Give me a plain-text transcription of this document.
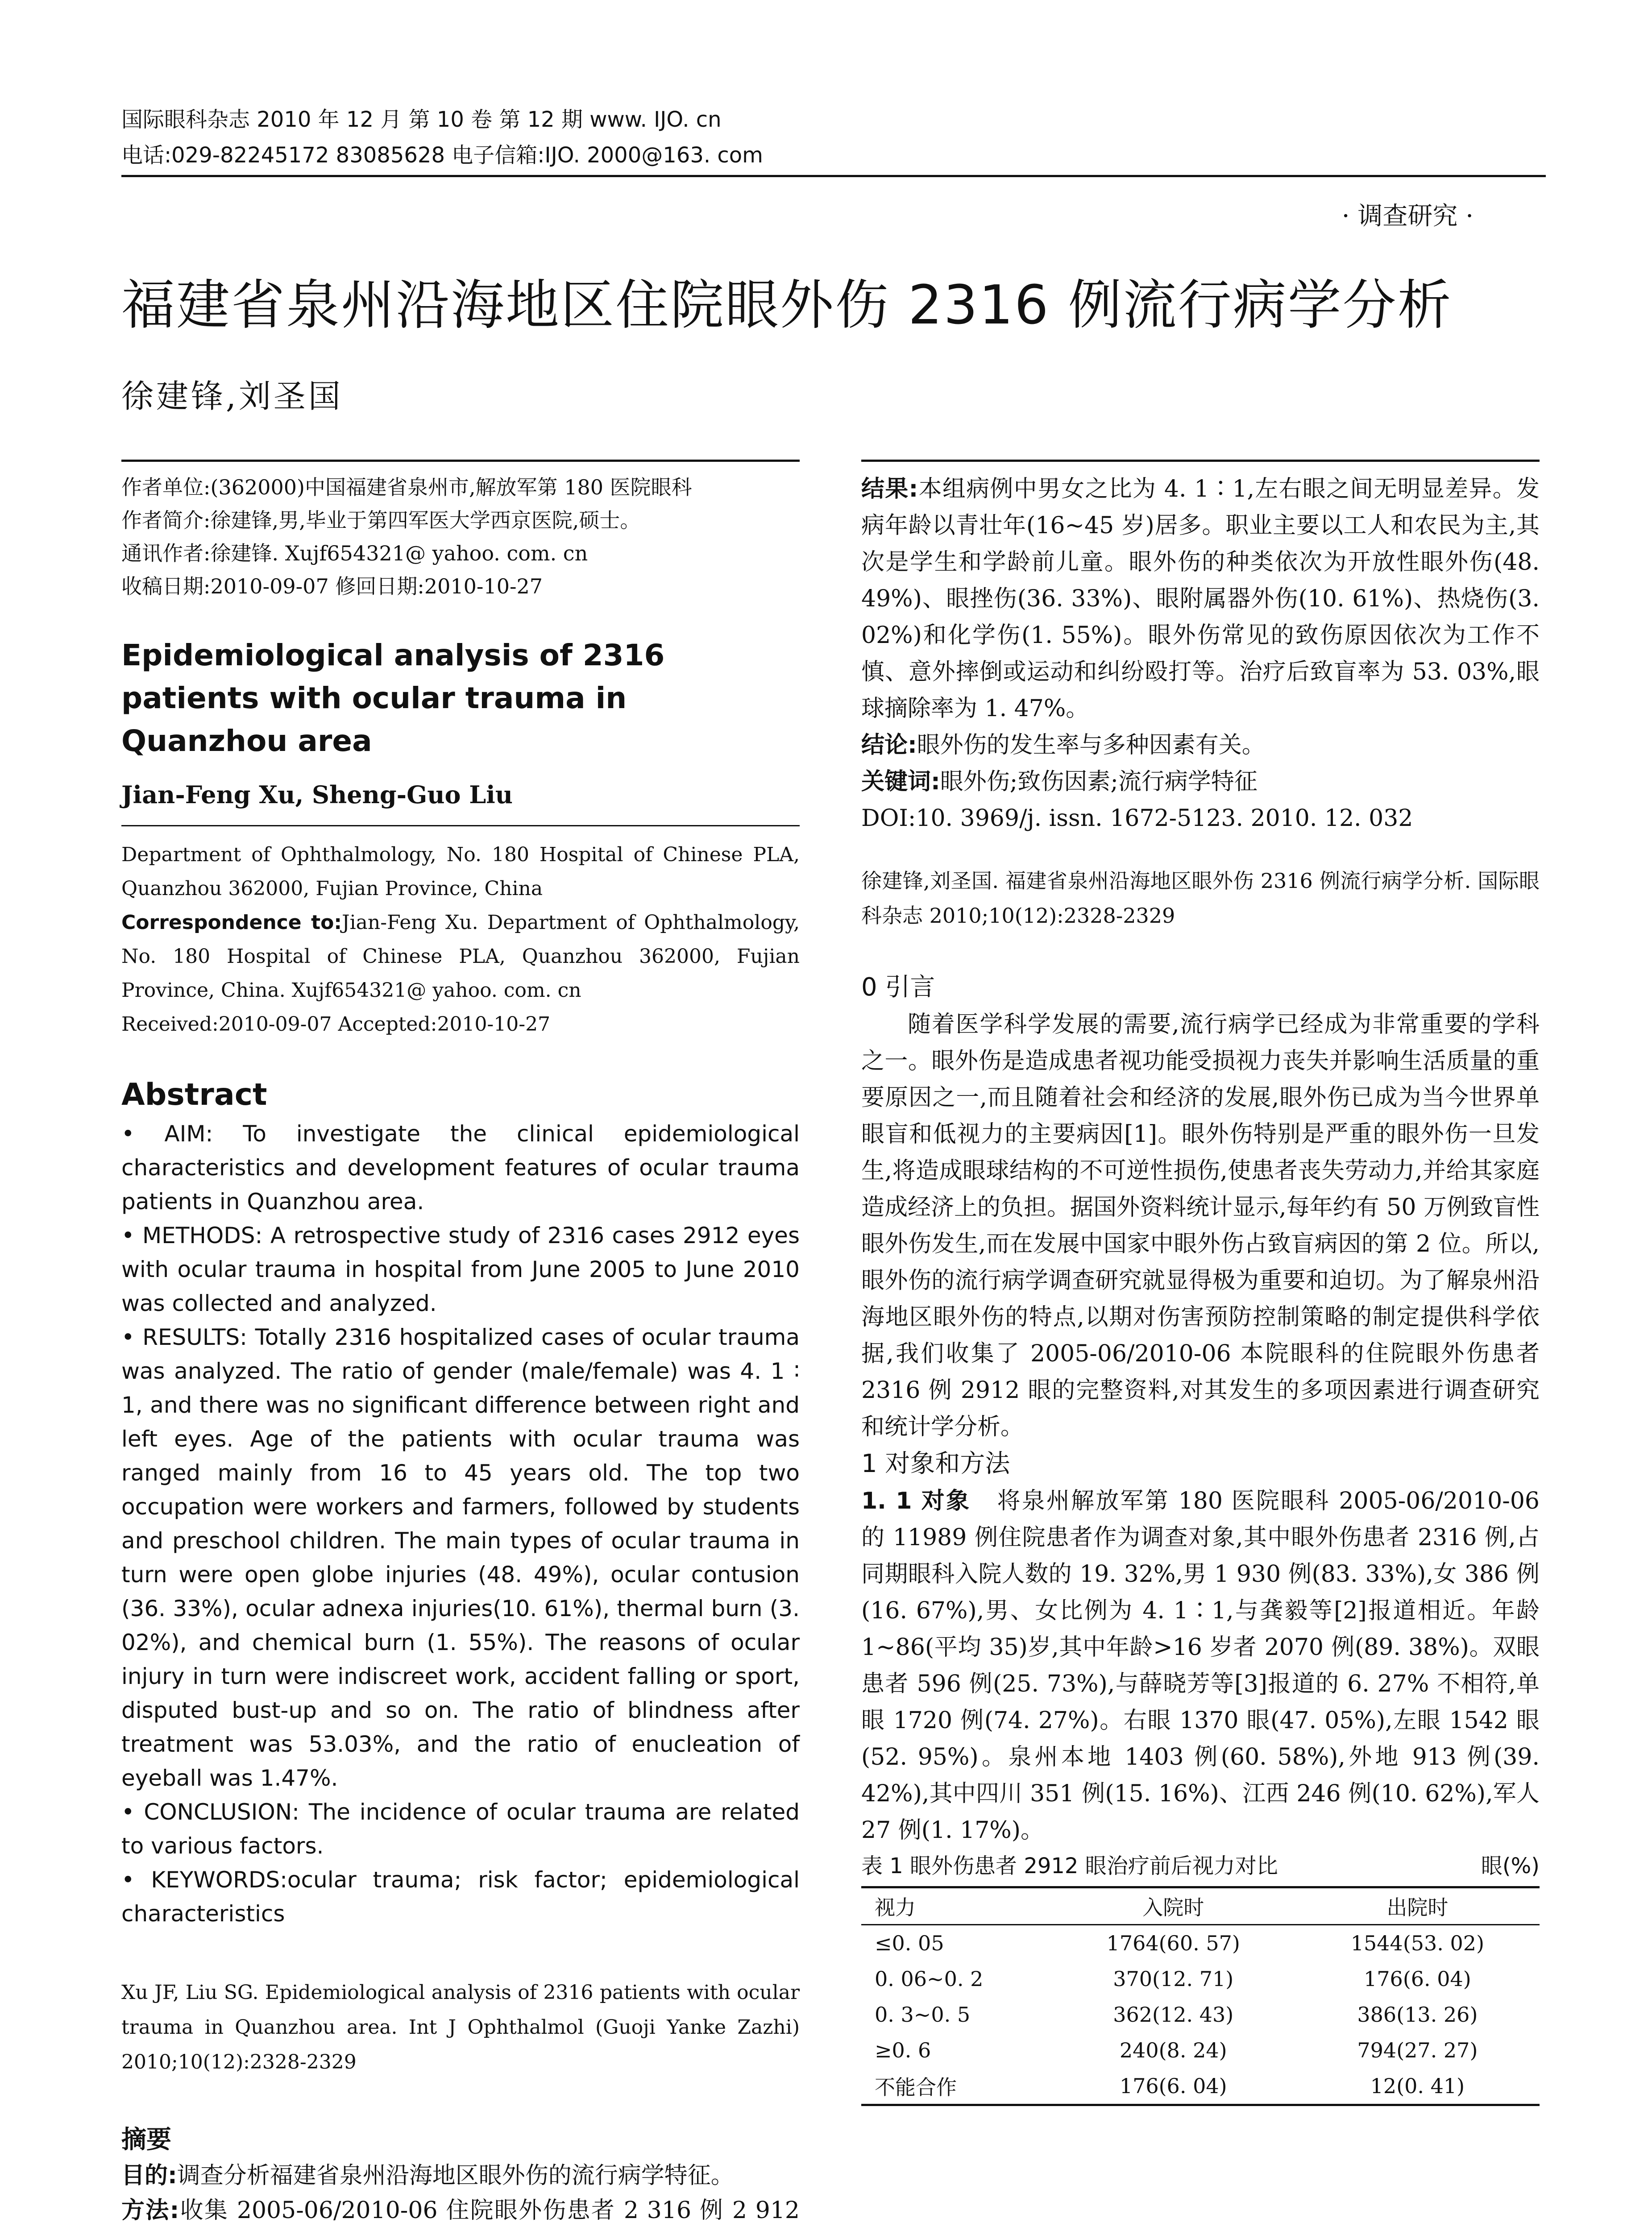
国际眼科杂志 2010 年 12 月 第 10 卷 第 12 期 www. IJO. cn
电话:029-82245172 83085628 电子信箱:IJO. 2000@163. com
· 调查研究 ·
福建省泉州沿海地区住院眼外伤 2316 例流行病学分析
徐建锋,刘圣国

作者单位:(362000)中国福建省泉州市,解放军第 180 医院眼科

作者简介:徐建锋,男,毕业于第四军医大学西京医院,硕士。

通讯作者:徐建锋. Xujf654321@ yahoo. com. cn

收稿日期:2010-09-07 修回日期:2010-10-27

Epidemiological analysis of 2316 patients with ocular trauma in Quanzhou area
Jian-Feng Xu, Sheng-Guo Liu

Department of Ophthalmology, No. 180 Hospital of Chinese PLA, Quanzhou 362000, Fujian Province, China

Correspondence to:Jian-Feng Xu. Department of Ophthalmology, No. 180 Hospital of Chinese PLA, Quanzhou 362000, Fujian Province, China. Xujf654321@ yahoo. com. cn

Received:2010-09-07 Accepted:2010-10-27

Abstract

• AIM: To investigate the clinical epidemiological characteristics and development features of ocular trauma patients in Quanzhou area.

• METHODS: A retrospective study of 2316 cases 2912 eyes with ocular trauma in hospital from June 2005 to June 2010 was collected and analyzed.

• RESULTS: Totally 2316 hospitalized cases of ocular trauma was analyzed. The ratio of gender (male/female) was 4. 1 ∶ 1, and there was no significant difference between right and left eyes. Age of the patients with ocular trauma was ranged mainly from 16 to 45 years old. The top two occupation were workers and farmers, followed by students and preschool children. The main types of ocular trauma in turn were open globe injuries (48. 49%), ocular contusion (36. 33%), ocular adnexa injuries(10. 61%), thermal burn (3. 02%), and chemical burn (1. 55%). The reasons of ocular injury in turn were indiscreet work, accident falling or sport, disputed bust-up and so on. The ratio of blindness after treatment was 53.03%, and the ratio of enucleation of eyeball was 1.47%.

• CONCLUSION: The incidence of ocular trauma are related to various factors.

• KEYWORDS:ocular trauma; risk factor; epidemiological characteristics

Xu JF, Liu SG. Epidemiological analysis of 2316 patients with ocular trauma in Quanzhou area. Int J Ophthalmol (Guoji Yanke Zazhi) 2010;10(12):2328-2329

摘要

目的:调查分析福建省泉州沿海地区眼外伤的流行病学特征。

方法:收集 2005-06/2010-06 住院眼外伤患者 2 316 例 2 912

结果:本组病例中男女之比为 4. 1∶1,左右眼之间无明显差异。发病年龄以青壮年(16~45 岁)居多。职业主要以工人和农民为主,其次是学生和学龄前儿童。眼外伤的种类依次为开放性眼外伤(48. 49%)、眼挫伤(36. 33%)、眼附属器外伤(10. 61%)、热烧伤(3. 02%)和化学伤(1. 55%)。眼外伤常见的致伤原因依次为工作不慎、意外摔倒或运动和纠纷殴打等。治疗后致盲率为 53. 03%,眼球摘除率为 1. 47%。

结论:眼外伤的发生率与多种因素有关。

关键词:眼外伤;致伤因素;流行病学特征

DOI:10. 3969/j. issn. 1672-5123. 2010. 12. 032

徐建锋,刘圣国. 福建省泉州沿海地区眼外伤 2316 例流行病学分析. 国际眼科杂志 2010;10(12):2328-2329

0 引言

随着医学科学发展的需要,流行病学已经成为非常重要的学科之一。眼外伤是造成患者视功能受损视力丧失并影响生活质量的重要原因之一,而且随着社会和经济的发展,眼外伤已成为当今世界单眼盲和低视力的主要病因[1]。眼外伤特别是严重的眼外伤一旦发生,将造成眼球结构的不可逆性损伤,使患者丧失劳动力,并给其家庭造成经济上的负担。据国外资料统计显示,每年约有 50 万例致盲性眼外伤发生,而在发展中国家中眼外伤占致盲病因的第 2 位。所以,眼外伤的流行病学调查研究就显得极为重要和迫切。为了解泉州沿海地区眼外伤的特点,以期对伤害预防控制策略的制定提供科学依据,我们收集了 2005-06/2010-06 本院眼科的住院眼外伤患者 2316 例 2912 眼的完整资料,对其发生的多项因素进行调查研究和统计学分析。

1 对象和方法

1. 1 对象 将泉州解放军第 180 医院眼科 2005-06/2010-06 的 11989 例住院患者作为调查对象,其中眼外伤患者 2316 例,占同期眼科入院人数的 19. 32%,男 1 930 例(83. 33%),女 386 例(16. 67%),男、女比例为 4. 1∶1,与龚毅等[2]报道相近。年龄 1~86(平均 35)岁,其中年龄>16 岁者 2070 例(89. 38%)。双眼患者 596 例(25. 73%),与薛晓芳等[3]报道的 6. 27% 不相符,单眼 1720 例(74. 27%)。右眼 1370 眼(47. 05%),左眼 1542 眼(52. 95%)。泉州本地 1403 例(60. 58%),外地 913 例(39. 42%),其中四川 351 例(15. 16%)、江西 246 例(10. 62%),军人 27 例(1. 17%)。

表 1 眼外伤患者 2912 眼治疗前后视力对比	眼(%)
视力	入院时	出院时
≤0. 05	1764(60. 57)	1544(53. 02)
0. 06~0. 2	370(12. 71)	176(6. 04)
0. 3~0. 5	362(12. 43)	386(13. 26)
≥0. 6	240(8. 24)	794(27. 27)
不能合作	176(6. 04)	12(0. 41)
